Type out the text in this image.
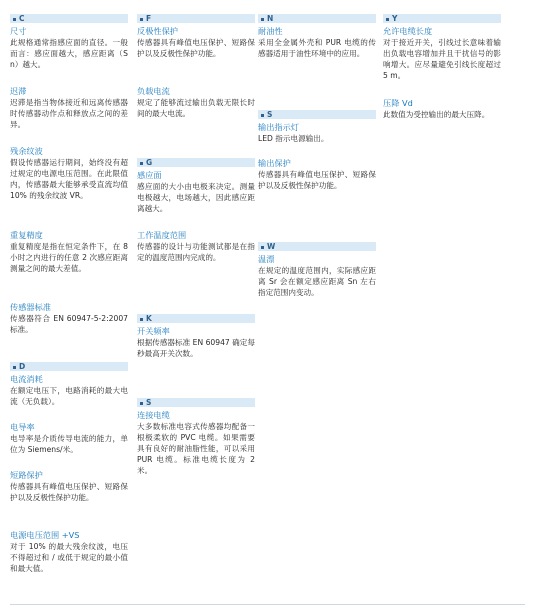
C

尺寸

此规格通常指感应面的直径。一般而言：感应面越大，感应距离（Sn）越大。

迟滞

迟滞是指当物体接近和远离传感器时传感器动作点和释放点之间的差异。

残余纹波

假设传感器运行期间，始终没有超过规定的电源电压范围。在此限值内，传感器最大能够承受直流均值 10% 的残余纹波 VR。

重复精度

重复精度是指在恒定条件下，在 8 小时之内进行的任意 2 次感应距离测量之间的最大差值。

传感器标准

传感器符合 EN 60947-5-2:2007 标准。

D

电流消耗

在额定电压下，电路消耗的最大电流（无负载）。

电导率

电导率是介质传导电流的能力，单位为 Siemens/米。

短路保护

传感器具有峰值电压保护、短路保护以及反极性保护功能。

电源电压范围 +VS

对于 10% 的最大残余纹波，电压不得超过和 / 或低于规定的最小值和最大值。

F

反极性保护

传感器具有峰值电压保护、短路保护以及反极性保护功能。

负载电流

规定了能够流过输出负载无限长时间的最大电流。

G

感应面

感应面的大小由电极来决定。测量电极越大，电场越大，因此感应距离越大。

工作温度范围

传感器的设计与功能测试都是在指定的温度范围内完成的。

K

开关频率

根据传感器标准 EN 60947 确定每秒最高开关次数。

S

连接电缆

大多数标准电容式传感器均配备一根极柔软的 PVC 电缆。如果需要具有良好的耐油脂性能，可以采用 PUR 电缆。标准电缆长度为 2 米。

N

耐油性

采用全金属外壳和 PUR 电缆的传感器适用于油性环境中的应用。

S

输出指示灯

LED 指示电源输出。

输出保护

传感器具有峰值电压保护、短路保护以及反极性保护功能。

W

温漂

在规定的温度范围内，实际感应距离 Sr 会在额定感应距离 Sn 左右指定范围内变动。

Y

允许电缆长度

对于接近开关，引线过长意味着输出负载电容增加并且干扰信号的影响增大。应尽量避免引线长度超过 5 m。

压降 Vd

此数值为受控输出的最大压降。
